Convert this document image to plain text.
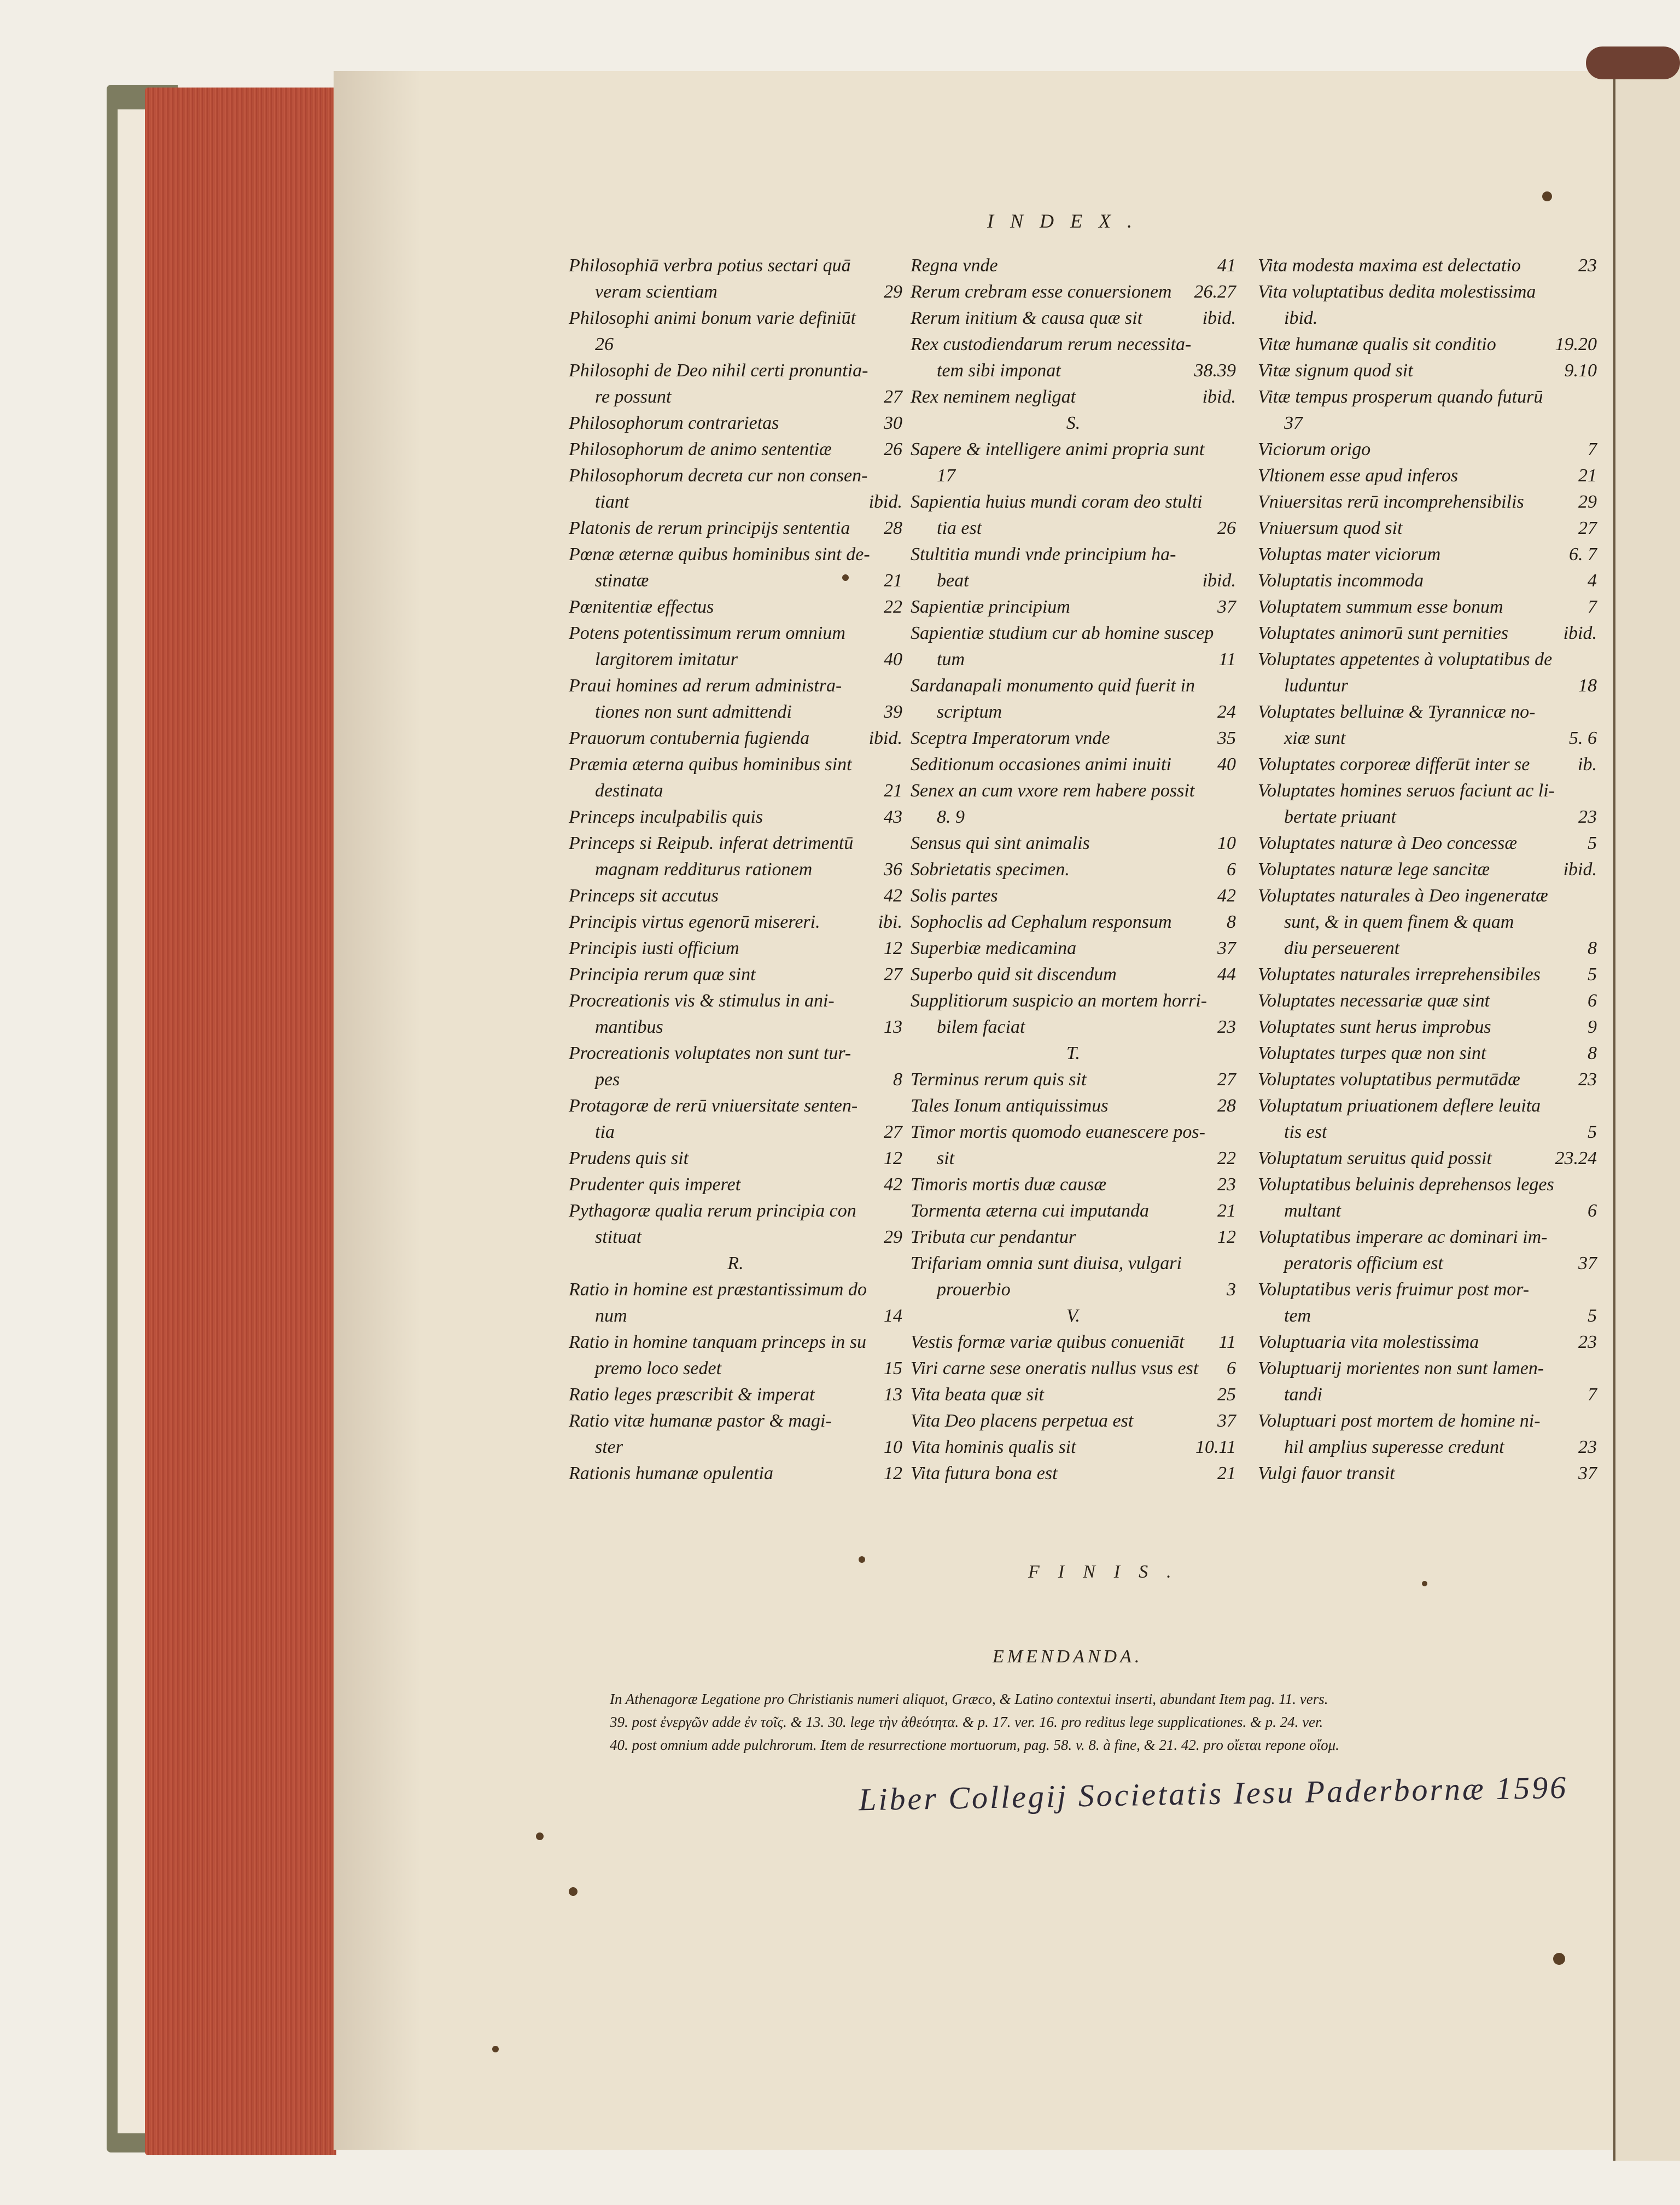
INDEX.
Philosophiā verbra potius sectari quā
veram scientiam	29
Philosophi animi bonum varie definiūt
26
Philosophi de Deo nihil certi pronuntia-
re possunt	27
Philosophorum contrarietas	30
Philosophorum de animo sententiæ	26
Philosophorum decreta cur non consen-
tiant	ibid.
Platonis de rerum principijs sententia 28
Pœnæ æternæ quibus hominibus sint de-
stinatæ	21
Pœnitentiæ effectus	22
Potens potentissimum rerum omnium
largitorem imitatur	40
Praui homines ad rerum administra-
tiones non sunt admittendi	39
Prauorum contubernia fugienda	ibid.
Præmia æterna quibus hominibus sint
destinata	21
Princeps inculpabilis quis	43
Princeps si Reipub. inferat detrimentū
magnam redditurus rationem	36
Princeps sit accutus	42
Principis virtus egenorū misereri.	ibi.
Principis iusti officium	12
Principia rerum quæ sint	27
Procreationis vis & stimulus in ani-
mantibus	13
Procreationis voluptates non sunt tur-
pes	8
Protagoræ de rerū vniuersitate senten-
tia	27
Prudens quis sit	12
Prudenter quis imperet	42
Pythagoræ qualia rerum principia con
stituat	29
R.
Ratio in homine est præstantissimum do
num	14
Ratio in homine tanquam princeps in su
premo loco sedet	15
Ratio leges præscribit & imperat	13
Ratio vitæ humanæ pastor & magi-
ster	10
Rationis humanæ opulentia	12
Regna vnde	41
Rerum crebram esse conuersionem 26.27
Rerum initium & causa quæ sit	ibid.
Rex custodiendarum rerum necessita-
tem sibi imponat	38.39
Rex neminem negligat	ibid.
S.
Sapere & intelligere animi propria sunt
17
Sapientia huius mundi coram deo stulti
tia est	26
Stultitia mundi vnde principium ha-
beat	ibid.
Sapientiæ principium	37
Sapientiæ studium cur ab homine suscep
tum	11
Sardanapali monumento quid fuerit in
scriptum	24
Sceptra Imperatorum vnde	35
Seditionum occasiones animi inuiti 40
Senex an cum vxore rem habere possit
8. 9
Sensus qui sint animalis	10
Sobrietatis specimen.	6
Solis partes	42
Sophoclis ad Cephalum responsum	8
Superbiæ medicamina	37
Superbo quid sit discendum	44
Supplitiorum suspicio an mortem horri-
bilem faciat	23
T.
Terminus rerum quis sit	27
Tales Ionum antiquissimus	28
Timor mortis quomodo euanescere pos-
sit	22
Timoris mortis duæ causæ	23
Tormenta æterna cui imputanda	21
Tributa cur pendantur	12
Trifariam omnia sunt diuisa, vulgari
prouerbio	3
V.
Vestis formæ variæ quibus conueniāt 11
Viri carne sese oneratis nullus vsus est 6
Vita beata quæ sit	25
Vita Deo placens perpetua est	37
Vita hominis qualis sit	10.11
Vita futura bona est	21
Vita modesta maxima est delectatio	23
Vita voluptatibus dedita molestissima
ibid.
Vitæ humanæ qualis sit conditio	19.20
Vitæ signum quod sit	9.10
Vitæ tempus prosperum quando futurū
37
Viciorum origo	7
Vltionem esse apud inferos	21
Vniuersitas rerū incomprehensibilis	29
Vniuersum quod sit	27
Voluptas mater viciorum	6. 7
Voluptatis incommoda	4
Voluptatem summum esse bonum	7
Voluptates animorū sunt pernities	ibid.
Voluptates appetentes à voluptatibus de
luduntur	18
Voluptates belluinæ & Tyrannicæ no-
xiæ sunt	5. 6
Voluptates corporeæ differūt inter se	ib.
Voluptates homines seruos faciunt ac li-
bertate priuant	23
Voluptates naturæ à Deo concessæ	5
Voluptates naturæ lege sancitæ	ibid.
Voluptates naturales à Deo ingeneratæ
sunt, & in quem finem & quam
diu perseuerent	8
Voluptates naturales irreprehensibiles	5
Voluptates necessariæ quæ sint	6
Voluptates sunt herus improbus	9
Voluptates turpes quæ non sint	8
Voluptates voluptatibus permutādæ	23
Voluptatum priuationem deflere leuita
tis est	5
Voluptatum seruitus quid possit	23.24
Voluptatibus beluinis deprehensos leges
multant	6
Voluptatibus imperare ac dominari im-
peratoris officium est	37
Voluptatibus veris fruimur post mor-
tem	5
Voluptuaria vita molestissima	23
Voluptuarij morientes non sunt lamen-
tandi	7
Voluptuari post mortem de homine ni-
hil amplius superesse credunt	23
Vulgi fauor transit	37
FINIS.
EMENDANDA.
In Athenagoræ Legatione pro Christianis numeri aliquot, Græco, & Latino contextui inserti, abundant Item pag. 11. vers.
39. post ἐνεργῶν adde ἐν τοῖς. & 13. 30. lege τὴν ἀθεότητα. & p. 17. ver. 16. pro reditus lege supplicationes. & p. 24. ver.
40. post omnium adde pulchrorum. Item de resurrectione mortuorum, pag. 58. v. 8. à fine, & 21. 42. pro οἴεται repone οἴομ.
Liber Collegij Societatis Iesu Paderbornæ 1596
